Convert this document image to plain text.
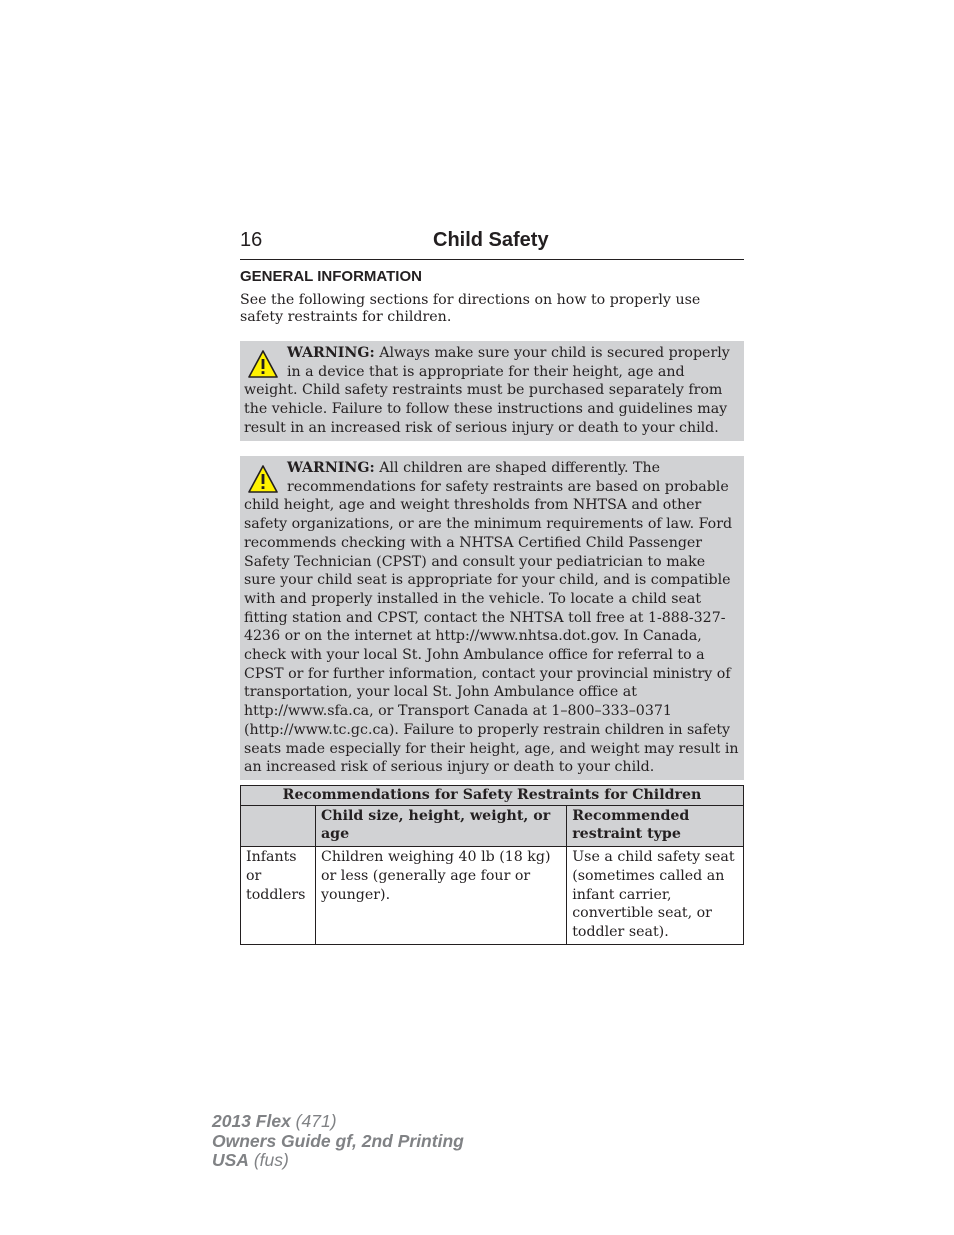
16	Child Safety
GENERAL INFORMATION
See the following sections for directions on how to properly use safety restraints for children.
WARNING: Always make sure your child is secured properly in a device that is appropriate for their height, age and weight. Child safety restraints must be purchased separately from the vehicle. Failure to follow these instructions and guidelines may result in an increased risk of serious injury or death to your child.
WARNING: All children are shaped differently. The recommendations for safety restraints are based on probable child height, age and weight thresholds from NHTSA and other safety organizations, or are the minimum requirements of law. Ford recommends checking with a NHTSA Certified Child Passenger Safety Technician (CPST) and consult your pediatrician to make sure your child seat is appropriate for your child, and is compatible with and properly installed in the vehicle. To locate a child seat fitting station and CPST, contact the NHTSA toll free at 1-888-327-4236 or on the internet at http://www.nhtsa.dot.gov. In Canada, check with your local St. John Ambulance office for referral to a CPST or for further information, contact your provincial ministry of transportation, your local St. John Ambulance office at http://www.sfa.ca, or Transport Canada at 1–800–333–0371 (http://www.tc.gc.ca). Failure to properly restrain children in safety seats made especially for their height, age, and weight may result in an increased risk of serious injury or death to your child.
Recommendations for Safety Restraints for Children		
	Child size, height, weight, or age	Recommended restraint type
Infants or toddlers	Children weighing 40 lb (18 kg) or less (generally age four or younger).	Use a child safety seat (sometimes called an infant carrier, convertible seat, or toddler seat).
2013 Flex (471)
Owners Guide gf, 2nd Printing
USA (fus)
